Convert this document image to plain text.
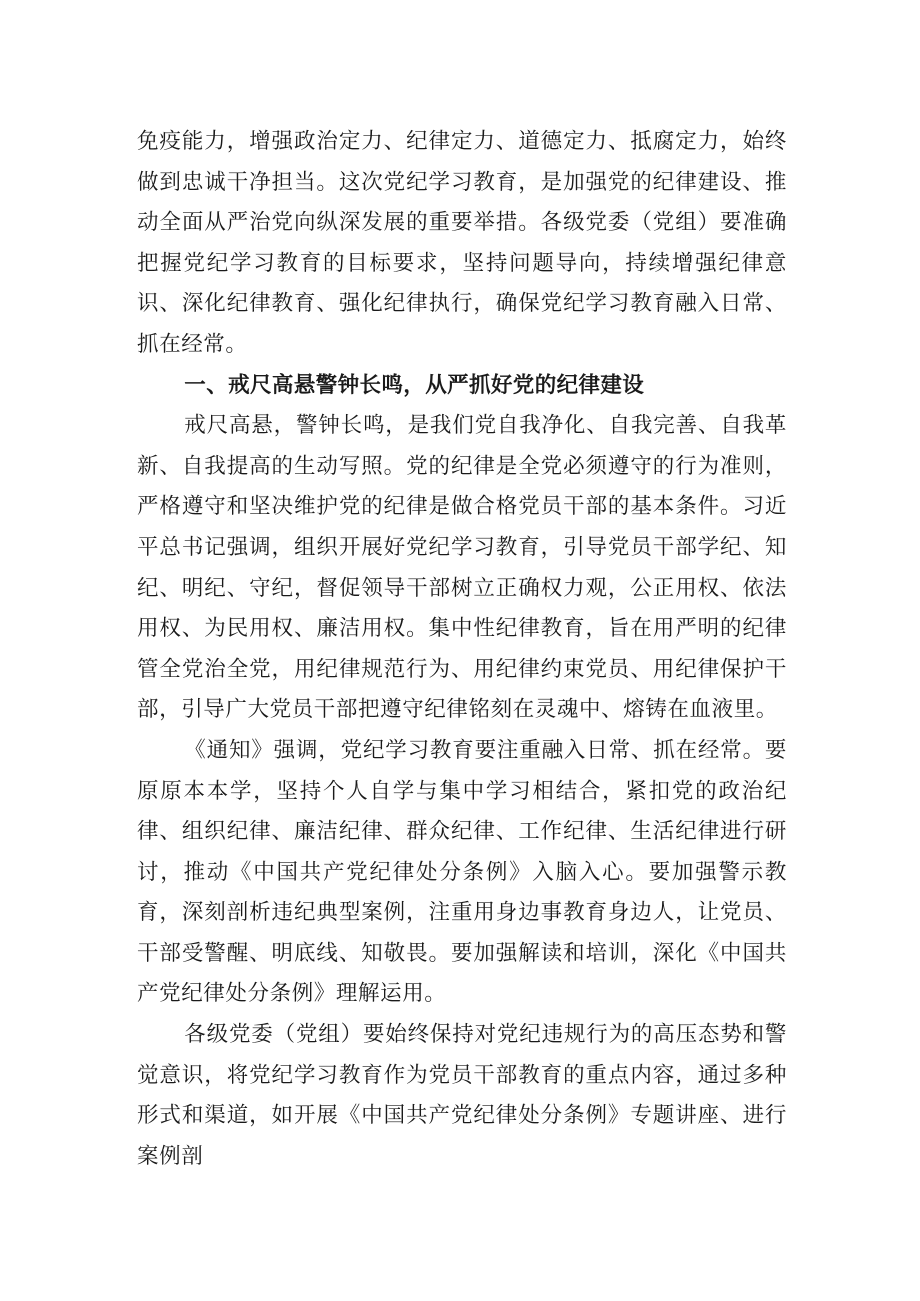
免疫能力，增强政治定力、纪律定力、道德定力、抵腐定力，始终做到忠诚干净担当。这次党纪学习教育，是加强党的纪律建设、推动全面从严治党向纵深发展的重要举措。各级党委（党组）要准确把握党纪学习教育的目标要求，坚持问题导向，持续增强纪律意识、深化纪律教育、强化纪律执行，确保党纪学习教育融入日常、抓在经常。

一、戒尺高悬警钟长鸣，从严抓好党的纪律建设

戒尺高悬，警钟长鸣，是我们党自我净化、自我完善、自我革新、自我提高的生动写照。党的纪律是全党必须遵守的行为准则，严格遵守和坚决维护党的纪律是做合格党员干部的基本条件。习近平总书记强调，组织开展好党纪学习教育，引导党员干部学纪、知纪、明纪、守纪，督促领导干部树立正确权力观，公正用权、依法用权、为民用权、廉洁用权。集中性纪律教育，旨在用严明的纪律管全党治全党，用纪律规范行为、用纪律约束党员、用纪律保护干部，引导广大党员干部把遵守纪律铭刻在灵魂中、熔铸在血液里。

《通知》强调，党纪学习教育要注重融入日常、抓在经常。要原原本本学，坚持个人自学与集中学习相结合，紧扣党的政治纪律、组织纪律、廉洁纪律、群众纪律、工作纪律、生活纪律进行研讨，推动《中国共产党纪律处分条例》入脑入心。要加强警示教育，深刻剖析违纪典型案例，注重用身边事教育身边人，让党员、干部受警醒、明底线、知敬畏。要加强解读和培训，深化《中国共产党纪律处分条例》理解运用。

各级党委（党组）要始终保持对党纪违规行为的高压态势和警觉意识，将党纪学习教育作为党员干部教育的重点内容，通过多种形式和渠道，如开展《中国共产党纪律处分条例》专题讲座、进行案例剖
